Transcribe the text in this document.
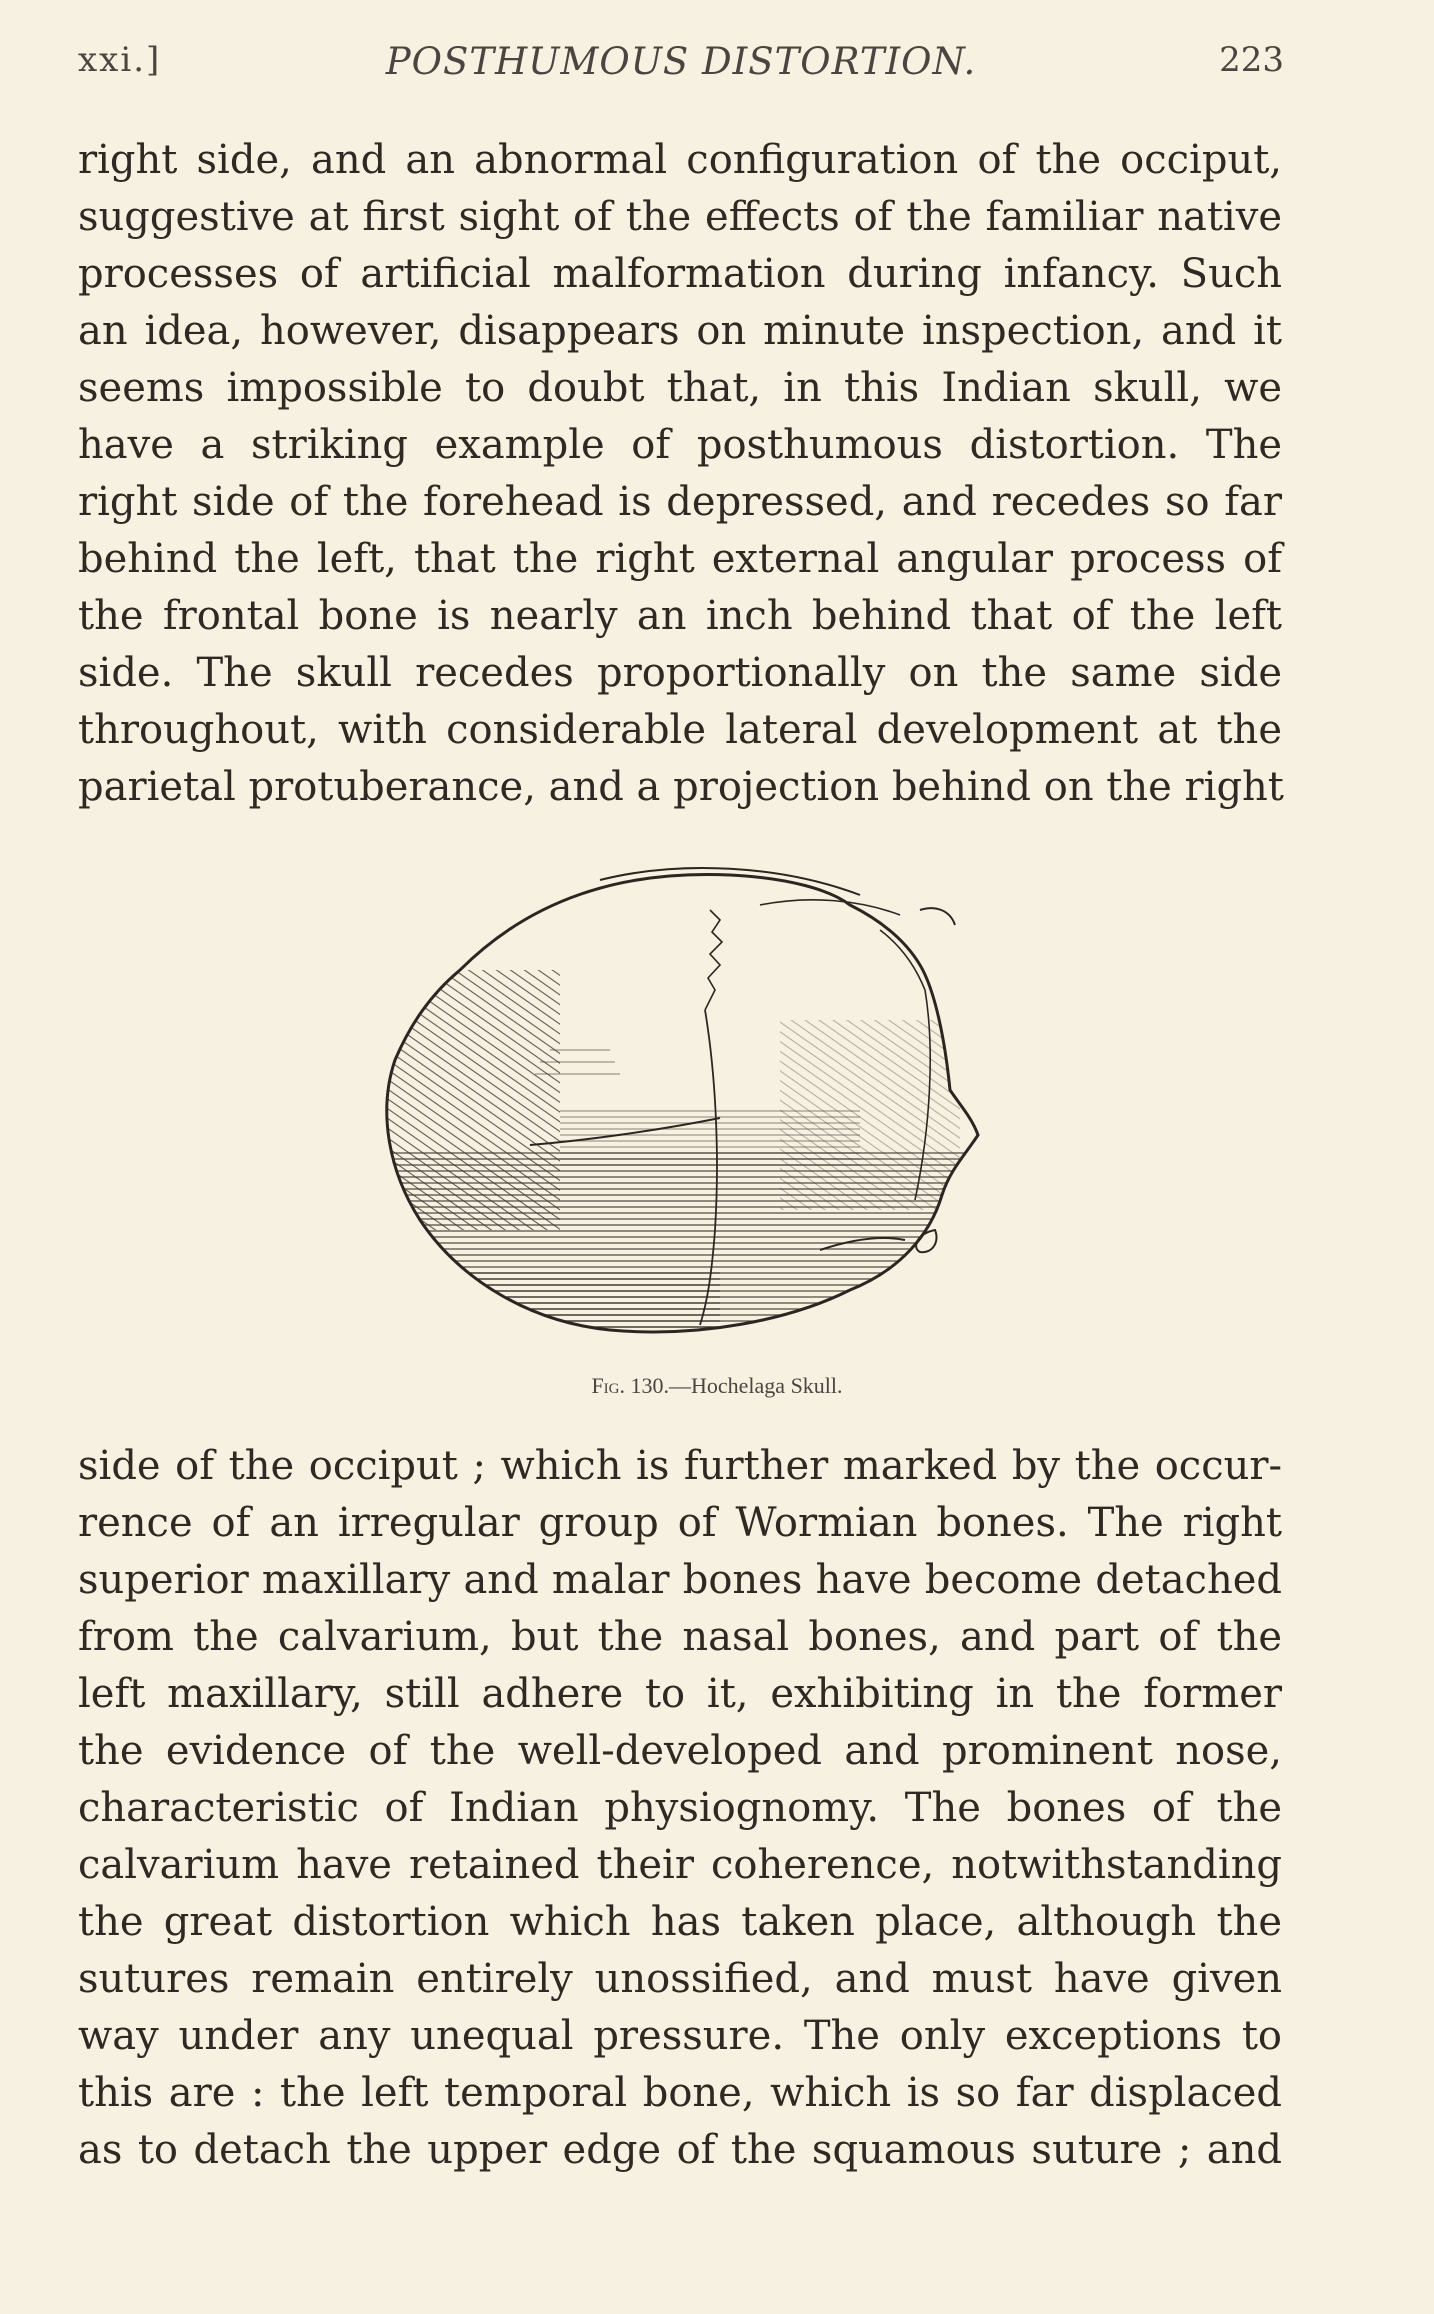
xxi.]	POSTHUMOUS DISTORTION.	223
right side, and an abnormal configuration of the occiput,
suggestive at first sight of the effects of the familiar native
processes of artificial malformation during infancy. Such
an idea, however, disappears on minute inspection, and it
seems impossible to doubt that, in this Indian skull, we
have a striking example of posthumous distortion. The
right side of the forehead is depressed, and recedes so far
behind the left, that the right external angular process of
the frontal bone is nearly an inch behind that of the left
side. The skull recedes proportionally on the same side
throughout, with considerable lateral development at the
parietal protuberance, and a projection behind on the right
Fig. 130.—Hochelaga Skull.
side of the occiput ; which is further marked by the occur-
rence of an irregular group of Wormian bones. The right
superior maxillary and malar bones have become detached
from the calvarium, but the nasal bones, and part of the
left maxillary, still adhere to it, exhibiting in the former
the evidence of the well-developed and prominent nose,
characteristic of Indian physiognomy. The bones of the
calvarium have retained their coherence, notwithstanding
the great distortion which has taken place, although the
sutures remain entirely unossified, and must have given
way under any unequal pressure. The only exceptions to
this are : the left temporal bone, which is so far displaced
as to detach the upper edge of the squamous suture ; and
